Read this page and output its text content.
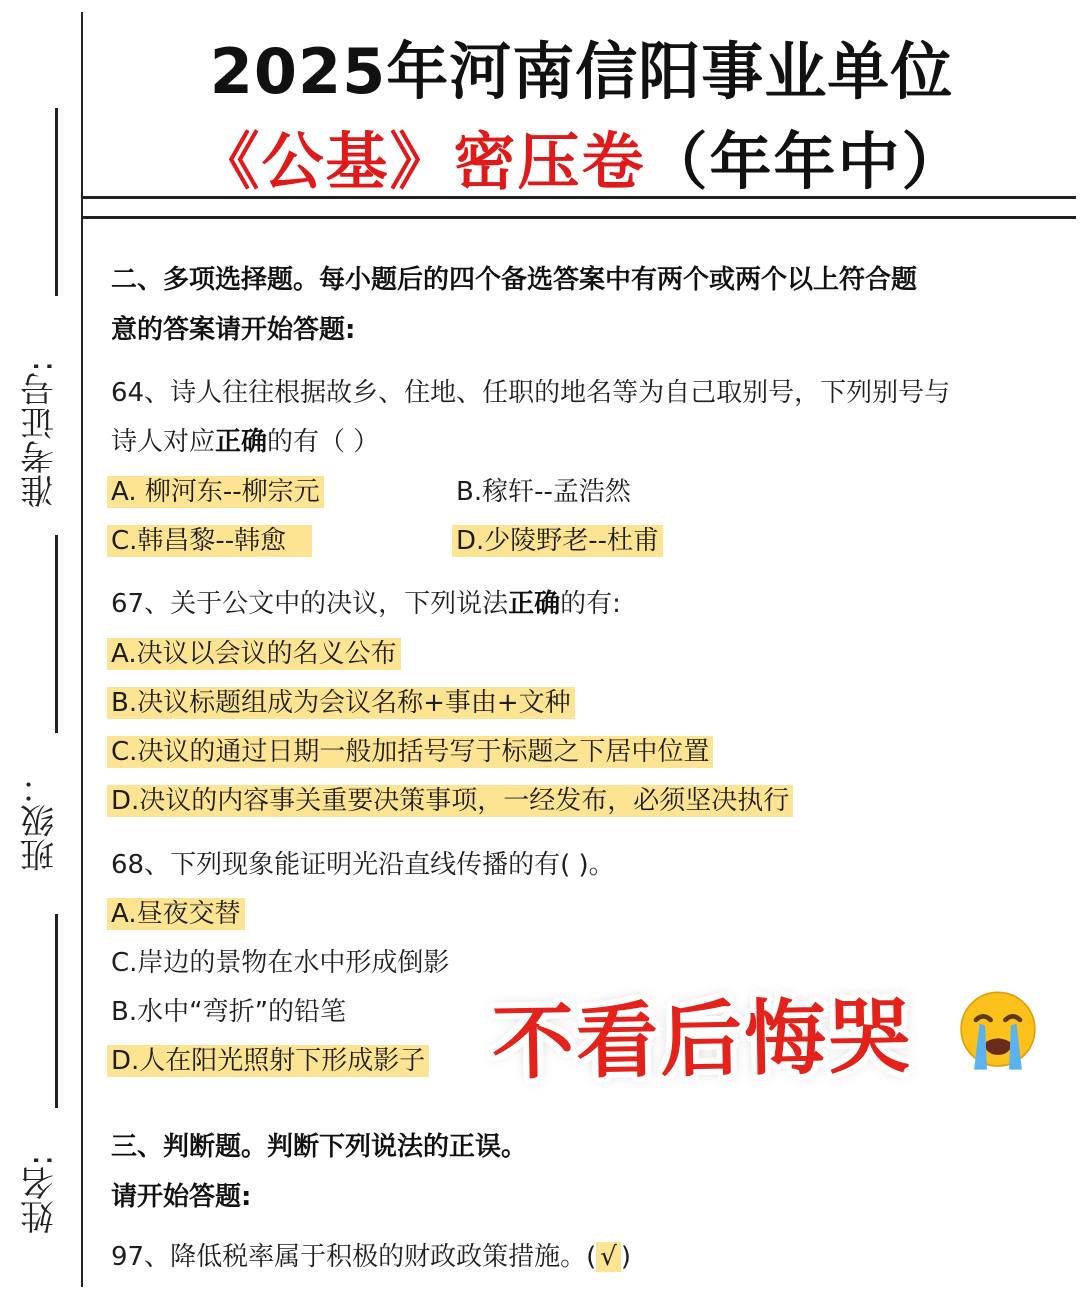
准考证号:
班级：
姓名:
2025年河南信阳事业单位
《公基》密压卷（年年中）
二、多项选择题。每小题后的四个备选答案中有两个或两个以上符合题
意的答案请开始答题:
64、诗人往往根据故乡、住地、任职的地名等为自己取别号，下列别号与
诗人对应正确的有（ ）
A. 柳河东--柳宗元	B.稼轩--孟浩然
C.韩昌黎--韩愈	D.少陵野老--杜甫
67、关于公文中的决议，下列说法正确的有:
A.决议以会议的名义公布
B.决议标题组成为会议名称+事由+文种
C.决议的通过日期一般加括号写于标题之下居中位置
D.决议的内容事关重要决策事项，一经发布，必须坚决执行
68、下列现象能证明光沿直线传播的有( )。
A.昼夜交替
C.岸边的景物在水中形成倒影
B.水中“弯折”的铅笔
D.人在阳光照射下形成影子 不看后悔哭
三、判断题。判断下列说法的正误。
请开始答题:
97、降低税率属于积极的财政政策措施。( √ )
